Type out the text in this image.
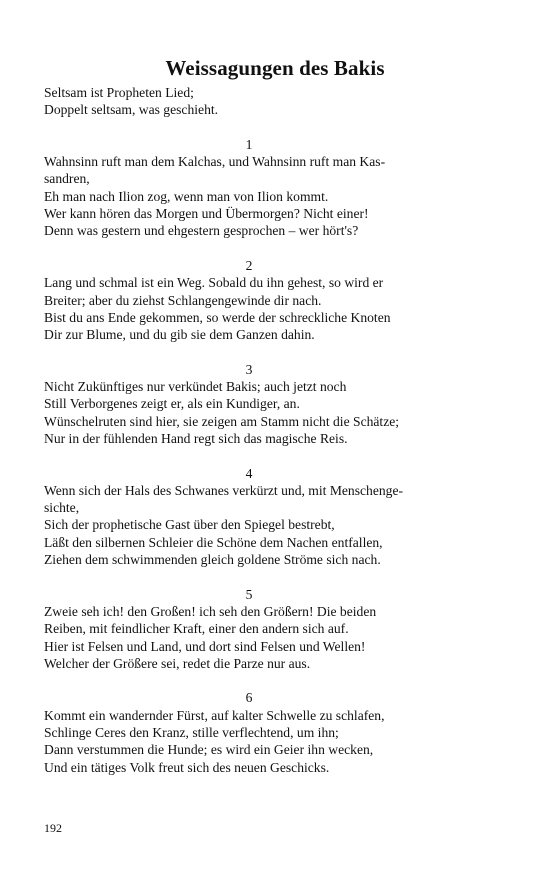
Weissagungen des Bakis
Seltsam ist Propheten Lied;
Doppelt seltsam, was geschieht.
1
Wahnsinn ruft man dem Kalchas, und Wahnsinn ruft man Kas-
sandren,
Eh man nach Ilion zog, wenn man von Ilion kommt.
Wer kann hören das Morgen und Übermorgen? Nicht einer!
Denn was gestern und ehgestern gesprochen – wer hört's?
2
Lang und schmal ist ein Weg. Sobald du ihn gehest, so wird er
Breiter; aber du ziehst Schlangengewinde dir nach.
Bist du ans Ende gekommen, so werde der schreckliche Knoten
Dir zur Blume, und du gib sie dem Ganzen dahin.
3
Nicht Zukünftiges nur verkündet Bakis; auch jetzt noch
Still Verborgenes zeigt er, als ein Kundiger, an.
Wünschelruten sind hier, sie zeigen am Stamm nicht die Schätze;
Nur in der fühlenden Hand regt sich das magische Reis.
4
Wenn sich der Hals des Schwanes verkürzt und, mit Menschenge-
sichte,
Sich der prophetische Gast über den Spiegel bestrebt,
Läßt den silbernen Schleier die Schöne dem Nachen entfallen,
Ziehen dem schwimmenden gleich goldene Ströme sich nach.
5
Zweie seh ich! den Großen! ich seh den Größern! Die beiden
Reiben, mit feindlicher Kraft, einer den andern sich auf.
Hier ist Felsen und Land, und dort sind Felsen und Wellen!
Welcher der Größere sei, redet die Parze nur aus.
6
Kommt ein wandernder Fürst, auf kalter Schwelle zu schlafen,
Schlinge Ceres den Kranz, stille verflechtend, um ihn;
Dann verstummen die Hunde; es wird ein Geier ihn wecken,
Und ein tätiges Volk freut sich des neuen Geschicks.
192
